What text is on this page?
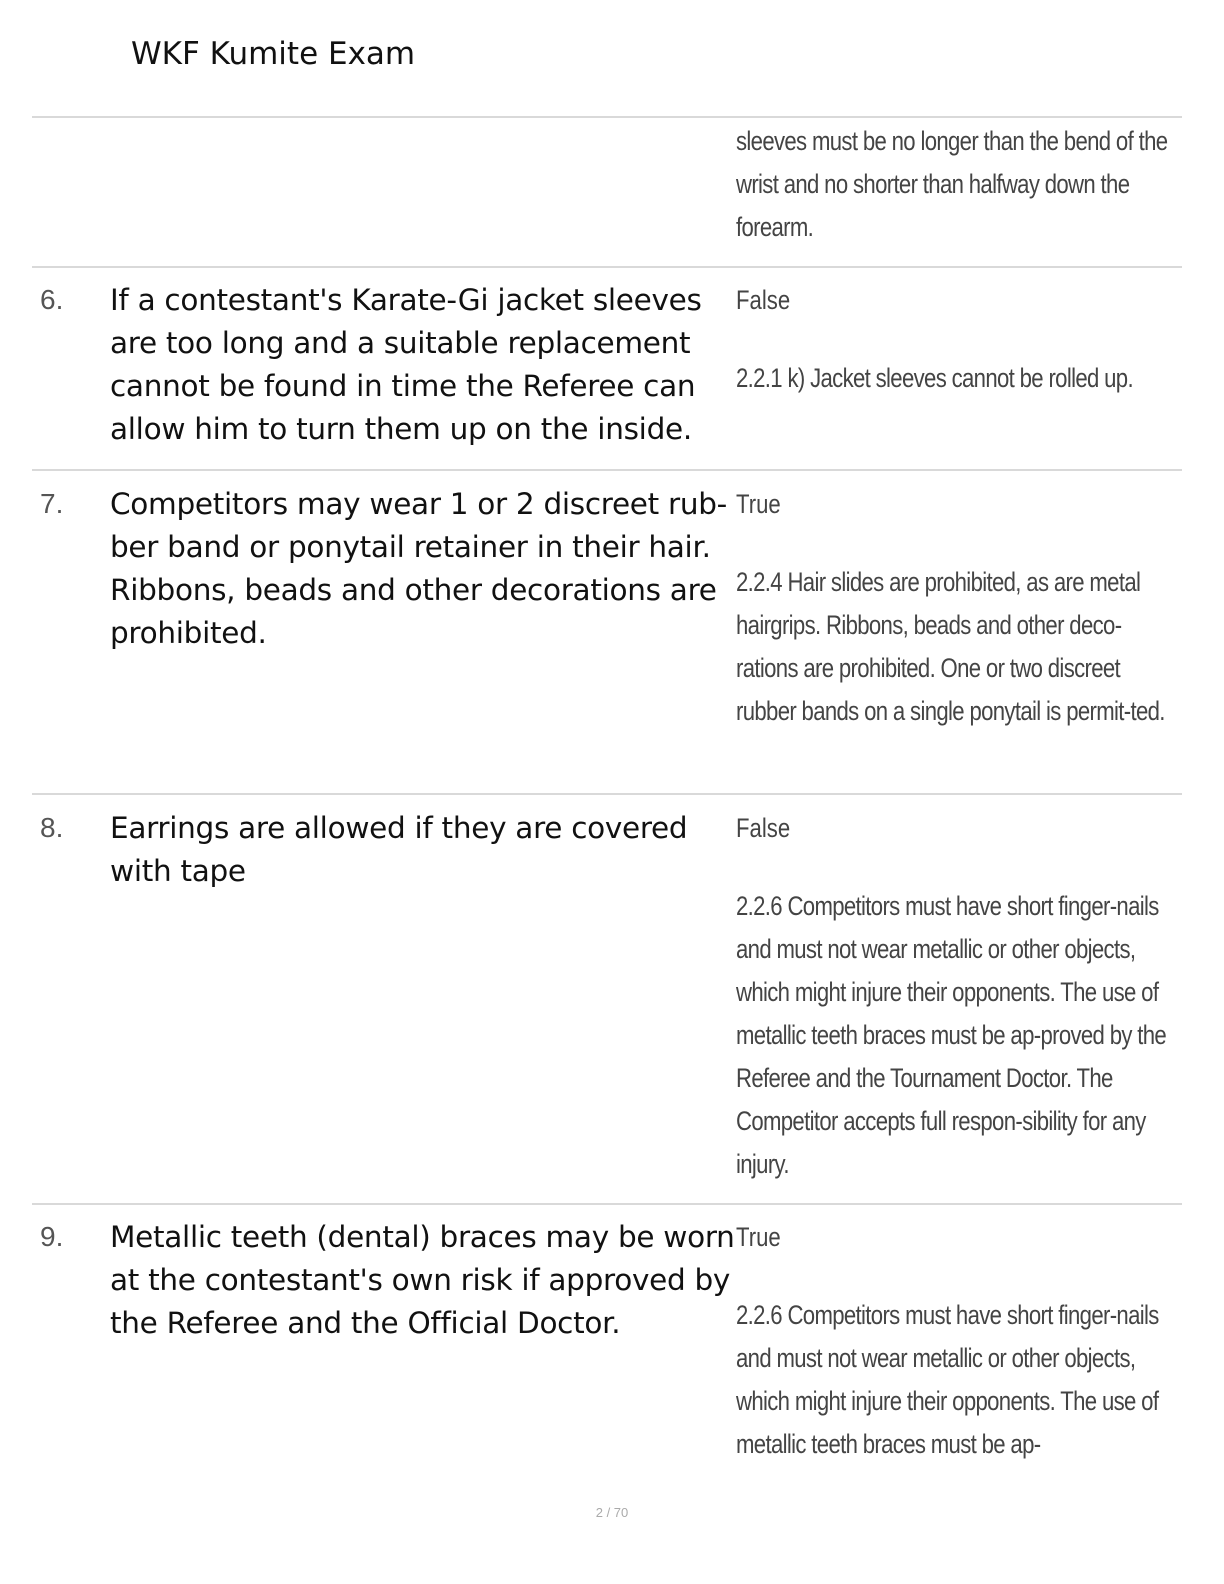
WKF Kumite Exam
sleeves must be no longer than the bend of the wrist and no shorter than halfway down the forearm.
6. If a contestant's Karate-Gi jacket sleeves are too long and a suitable replacement cannot be found in time the Referee can allow him to turn them up on the inside.
False
2.2.1 k) Jacket sleeves cannot be rolled up.
7. Competitors may wear 1 or 2 discreet rub-ber band or ponytail retainer in their hair. Ribbons, beads and other decorations are prohibited.
True
2.2.4 Hair slides are prohibited, as are metal hairgrips. Ribbons, beads and other deco-rations are prohibited. One or two discreet rubber bands on a single ponytail is permit-ted.
8. Earrings are allowed if they are covered with tape
False
2.2.6 Competitors must have short finger-nails and must not wear metallic or other objects, which might injure their opponents. The use of metallic teeth braces must be ap-proved by the Referee and the Tournament Doctor. The Competitor accepts full respon-sibility for any injury.
9. Metallic teeth (dental) braces may be worn at the contestant's own risk if approved by the Referee and the Official Doctor.
True
2.2.6 Competitors must have short finger-nails and must not wear metallic or other objects, which might injure their opponents. The use of metallic teeth braces must be ap-
2 / 70
